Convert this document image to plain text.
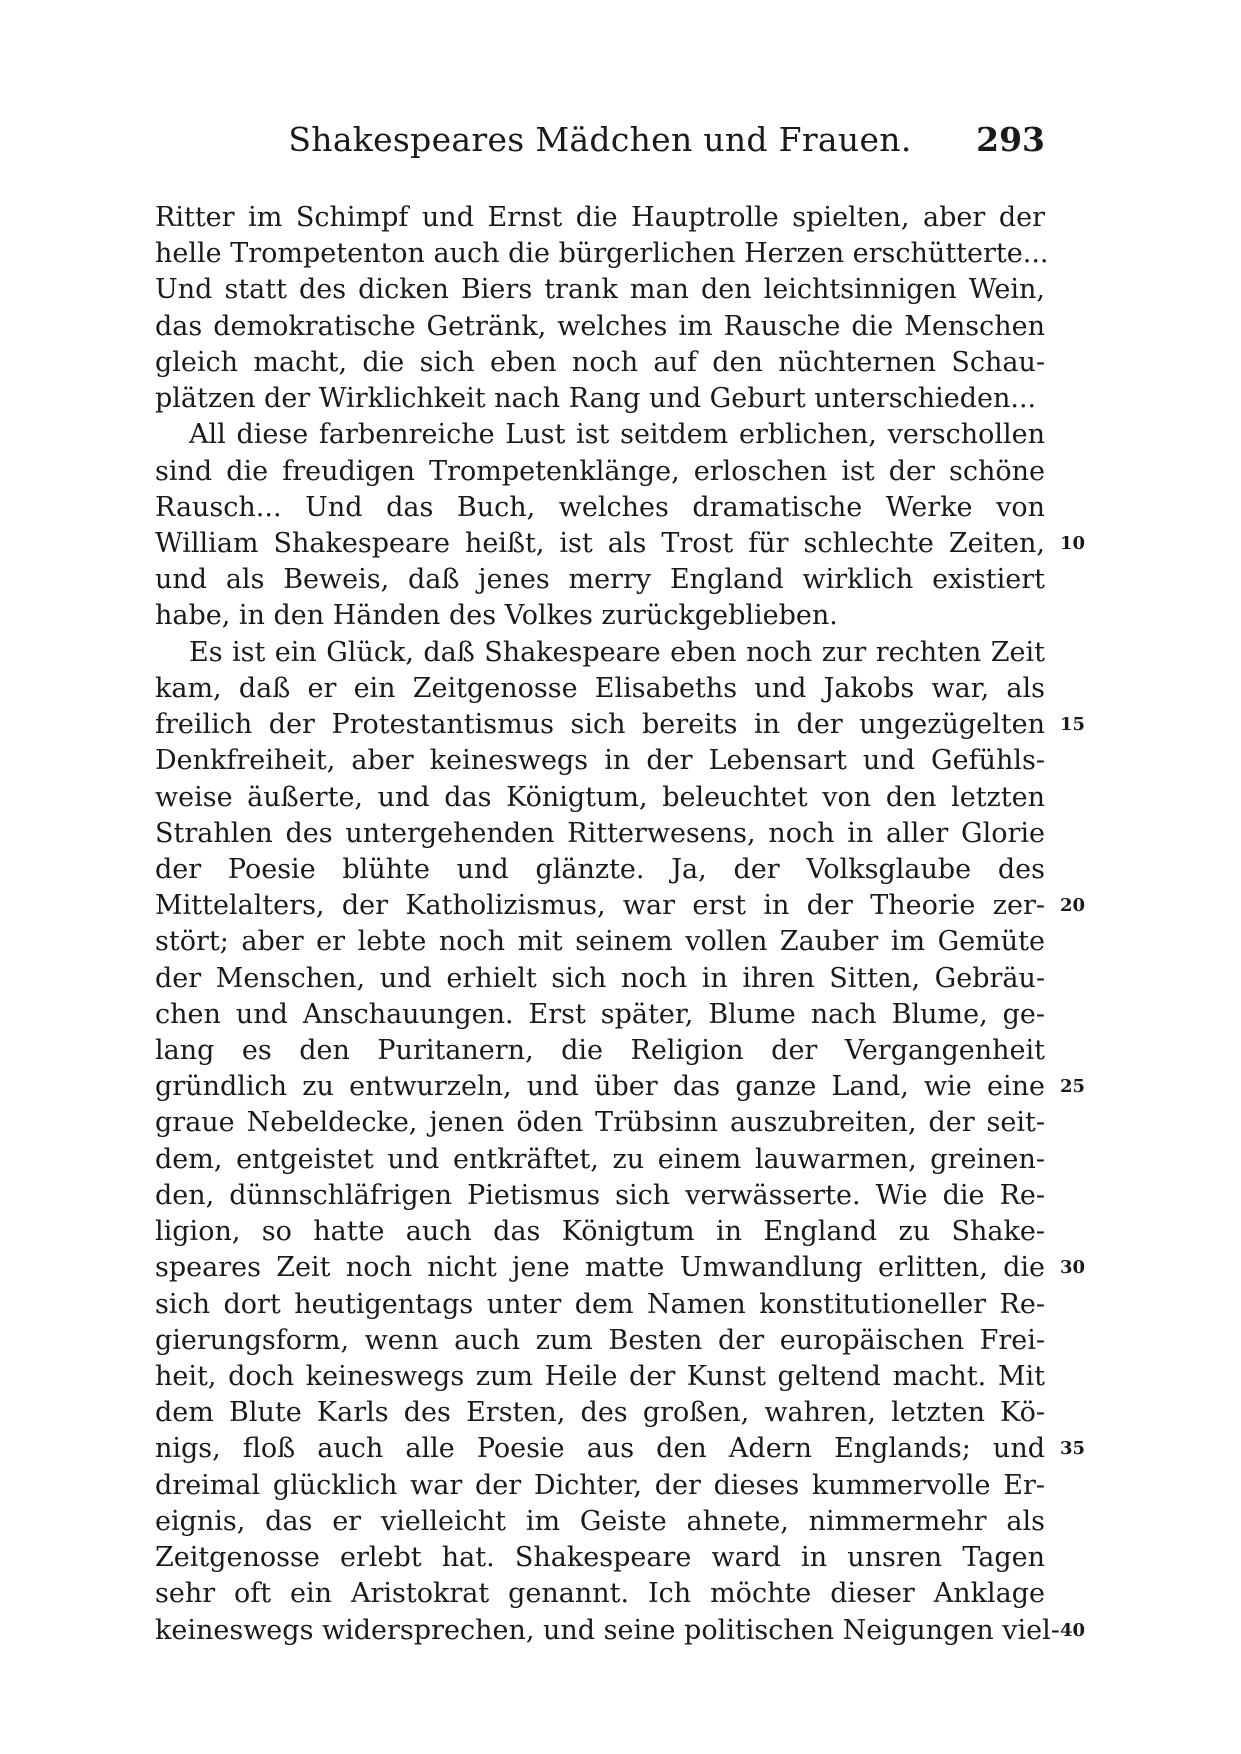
Shakespeares Mädchen und Frauen.	293
Ritter im Schimpf und Ernst die Hauptrolle spielten, aber der
helle Trompetenton auch die bürgerlichen Herzen erschütterte...
Und statt des dicken Biers trank man den leichtsinnigen Wein,
das demokratische Getränk, welches im Rausche die Menschen
gleich macht, die sich eben noch auf den nüchternen Schau-
plätzen der Wirklichkeit nach Rang und Geburt unterschieden...
All diese farbenreiche Lust ist seitdem erblichen, verschollen
sind die freudigen Trompetenklänge, erloschen ist der schöne
Rausch... Und das Buch, welches dramatische Werke von
William Shakespeare heißt, ist als Trost für schlechte Zeiten, 10
und als Beweis, daß jenes merry England wirklich existiert
habe, in den Händen des Volkes zurückgeblieben.
Es ist ein Glück, daß Shakespeare eben noch zur rechten Zeit
kam, daß er ein Zeitgenosse Elisabeths und Jakobs war, als
freilich der Protestantismus sich bereits in der ungezügelten 15
Denkfreiheit, aber keineswegs in der Lebensart und Gefühls-
weise äußerte, und das Königtum, beleuchtet von den letzten
Strahlen des untergehenden Ritterwesens, noch in aller Glorie
der Poesie blühte und glänzte. Ja, der Volksglaube des
Mittelalters, der Katholizismus, war erst in der Theorie zer- 20
stört; aber er lebte noch mit seinem vollen Zauber im Gemüte
der Menschen, und erhielt sich noch in ihren Sitten, Gebräu-
chen und Anschauungen. Erst später, Blume nach Blume, ge-
lang es den Puritanern, die Religion der Vergangenheit
gründlich zu entwurzeln, und über das ganze Land, wie eine 25
graue Nebeldecke, jenen öden Trübsinn auszubreiten, der seit-
dem, entgeistet und entkräftet, zu einem lauwarmen, greinen-
den, dünnschläfrigen Pietismus sich verwässerte. Wie die Re-
ligion, so hatte auch das Königtum in England zu Shake-
speares Zeit noch nicht jene matte Umwandlung erlitten, die 30
sich dort heutigentags unter dem Namen konstitutioneller Re-
gierungsform, wenn auch zum Besten der europäischen Frei-
heit, doch keineswegs zum Heile der Kunst geltend macht. Mit
dem Blute Karls des Ersten, des großen, wahren, letzten Kö-
nigs, floß auch alle Poesie aus den Adern Englands; und 35
dreimal glücklich war der Dichter, der dieses kummervolle Er-
eignis, das er vielleicht im Geiste ahnete, nimmermehr als
Zeitgenosse erlebt hat. Shakespeare ward in unsren Tagen
sehr oft ein Aristokrat genannt. Ich möchte dieser Anklage
keineswegs widersprechen, und seine politischen Neigungen viel- 40
